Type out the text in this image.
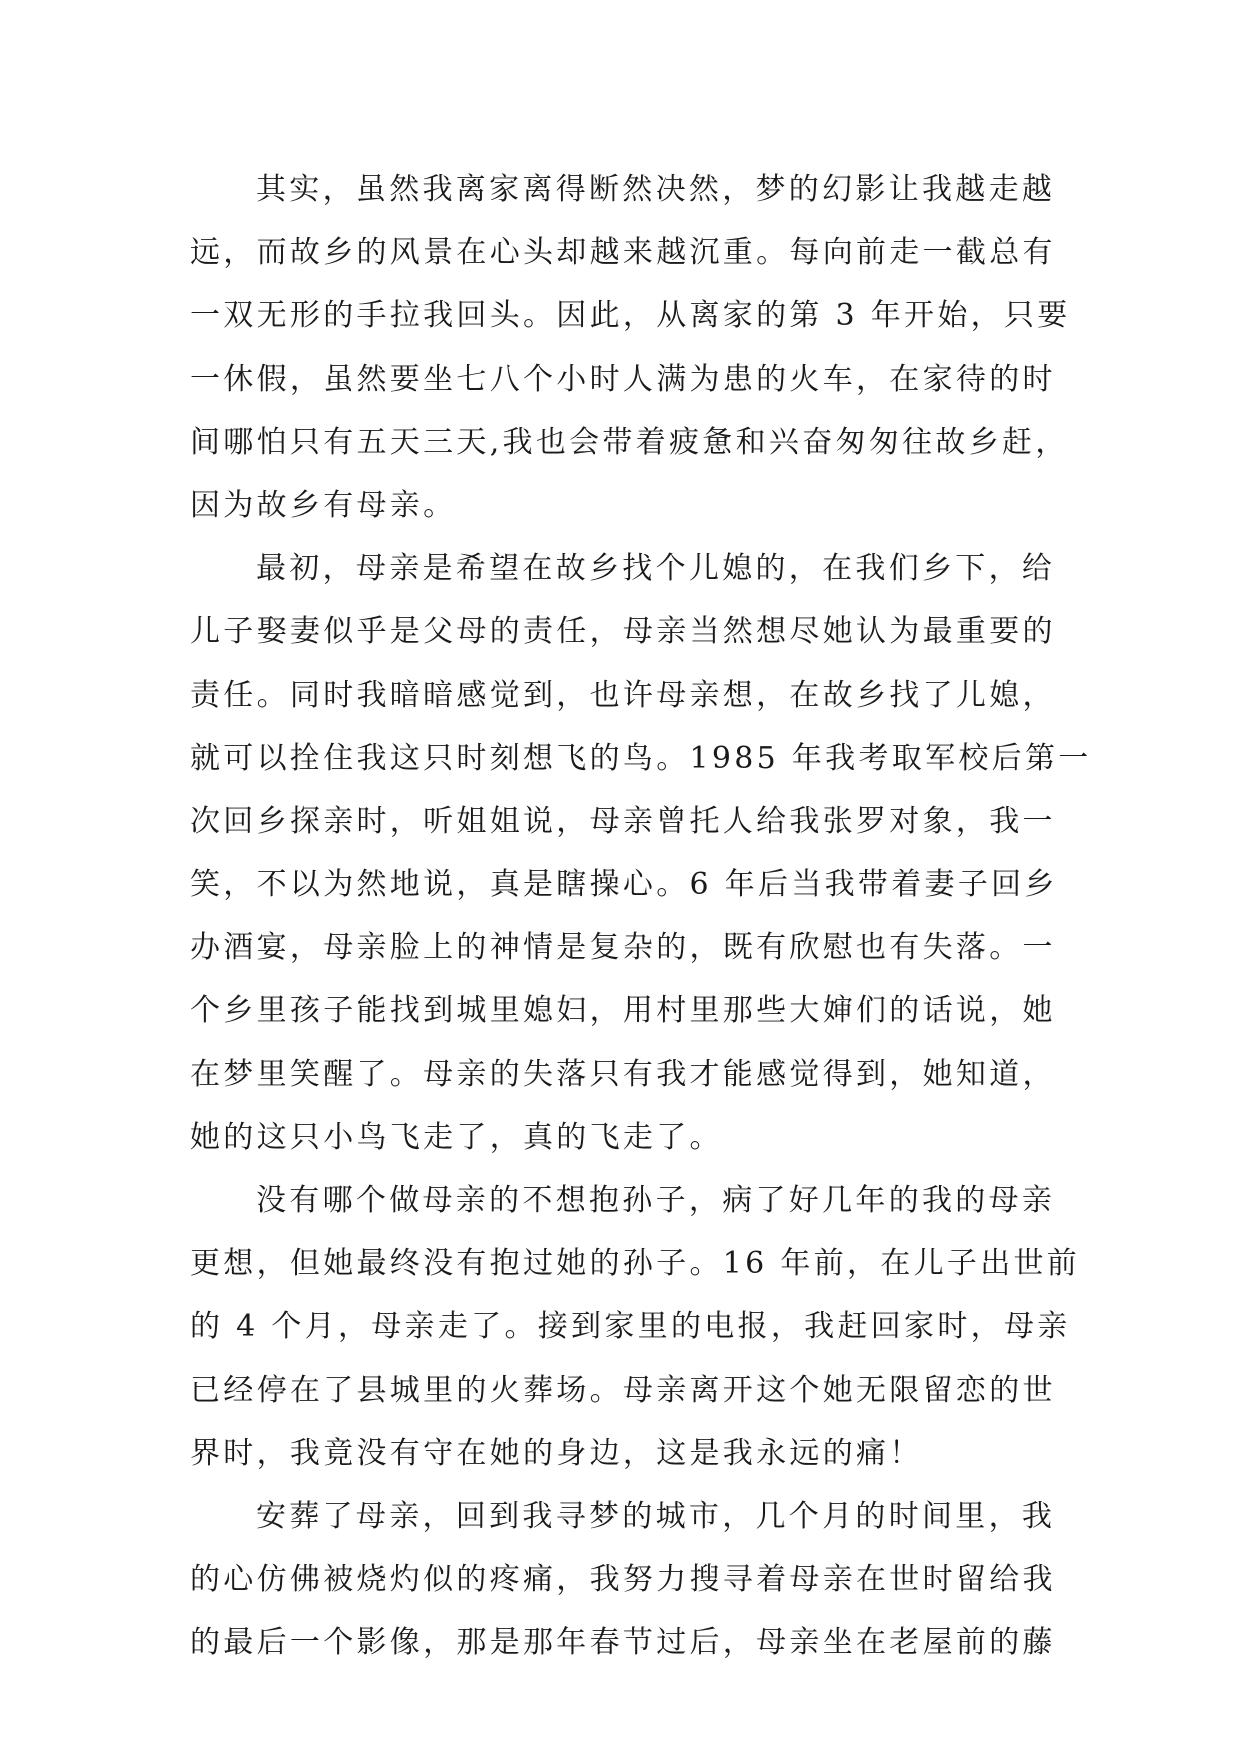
其实，虽然我离家离得断然决然，梦的幻影让我越走越
远，而故乡的风景在心头却越来越沉重。每向前走一截总有
一双无形的手拉我回头。因此，从离家的第 3 年开始，只要
一休假，虽然要坐七八个小时人满为患的火车，在家待的时
间哪怕只有五天三天,我也会带着疲惫和兴奋匆匆往故乡赶，
因为故乡有母亲。
最初，母亲是希望在故乡找个儿媳的，在我们乡下，给
儿子娶妻似乎是父母的责任，母亲当然想尽她认为最重要的
责任。同时我暗暗感觉到，也许母亲想，在故乡找了儿媳，
就可以拴住我这只时刻想飞的鸟。1985 年我考取军校后第一
次回乡探亲时，听姐姐说，母亲曾托人给我张罗对象，我一
笑，不以为然地说，真是瞎操心。6 年后当我带着妻子回乡
办酒宴，母亲脸上的神情是复杂的，既有欣慰也有失落。一
个乡里孩子能找到城里媳妇，用村里那些大婶们的话说，她
在梦里笑醒了。母亲的失落只有我才能感觉得到，她知道，
她的这只小鸟飞走了，真的飞走了。
没有哪个做母亲的不想抱孙子，病了好几年的我的母亲
更想，但她最终没有抱过她的孙子。16 年前，在儿子出世前
的 4 个月，母亲走了。接到家里的电报，我赶回家时，母亲
已经停在了县城里的火葬场。母亲离开这个她无限留恋的世
界时，我竟没有守在她的身边，这是我永远的痛！
安葬了母亲，回到我寻梦的城市，几个月的时间里，我
的心仿佛被烧灼似的疼痛，我努力搜寻着母亲在世时留给我
的最后一个影像，那是那年春节过后，母亲坐在老屋前的藤
